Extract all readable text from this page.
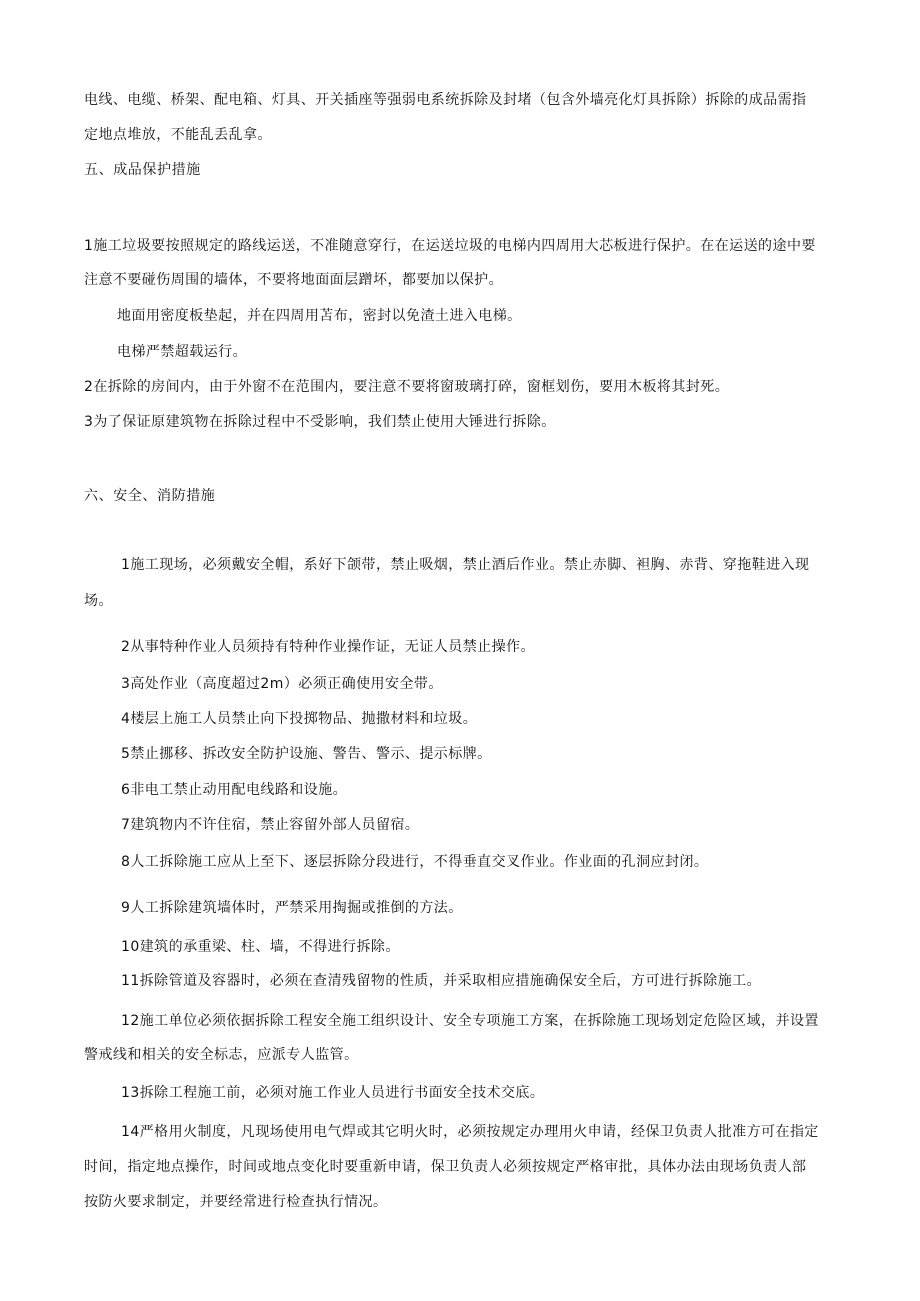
电线、电缆、桥架、配电箱、灯具、开关插座等强弱电系统拆除及封堵（包含外墙亮化灯具拆除）拆除的成品需指
定地点堆放，不能乱丢乱拿。
五、成品保护措施
1施工垃圾要按照规定的路线运送，不准随意穿行，在运送垃圾的电梯内四周用大芯板进行保护。在在运送的途中要
注意不要碰伤周围的墙体，不要将地面面层蹭坏，都要加以保护。
地面用密度板垫起，并在四周用苫布，密封以免渣土进入电梯。
电梯严禁超载运行。
2在拆除的房间内，由于外窗不在范围内，要注意不要将窗玻璃打碎，窗框划伤，要用木板将其封死。
3为了保证原建筑物在拆除过程中不受影响，我们禁止使用大锤进行拆除。
六、安全、消防措施
1施工现场，必须戴安全帽，系好下颌带，禁止吸烟，禁止酒后作业。禁止赤脚、袒胸、赤背、穿拖鞋进入现
场。
2从事特种作业人员须持有特种作业操作证，无证人员禁止操作。
3高处作业（高度超过2m）必须正确使用安全带。
4楼层上施工人员禁止向下投掷物品、抛撒材料和垃圾。
5禁止挪移、拆改安全防护设施、警告、警示、提示标牌。
6非电工禁止动用配电线路和设施。
7建筑物内不许住宿，禁止容留外部人员留宿。
8人工拆除施工应从上至下、逐层拆除分段进行，不得垂直交叉作业。作业面的孔洞应封闭。
9人工拆除建筑墙体时，严禁采用掏掘或推倒的方法。
10建筑的承重梁、柱、墙，不得进行拆除。
11拆除管道及容器时，必须在查清残留物的性质，并采取相应措施确保安全后，方可进行拆除施工。
12施工单位必须依据拆除工程安全施工组织设计、安全专项施工方案，在拆除施工现场划定危险区域，并设置
警戒线和相关的安全标志，应派专人监管。
13拆除工程施工前，必须对施工作业人员进行书面安全技术交底。
14严格用火制度，凡现场使用电气焊或其它明火时，必须按规定办理用火申请，经保卫负责人批准方可在指定
时间，指定地点操作，时间或地点变化时要重新申请，保卫负责人必须按规定严格审批，具体办法由现场负责人部
按防火要求制定，并要经常进行检查执行情况。
